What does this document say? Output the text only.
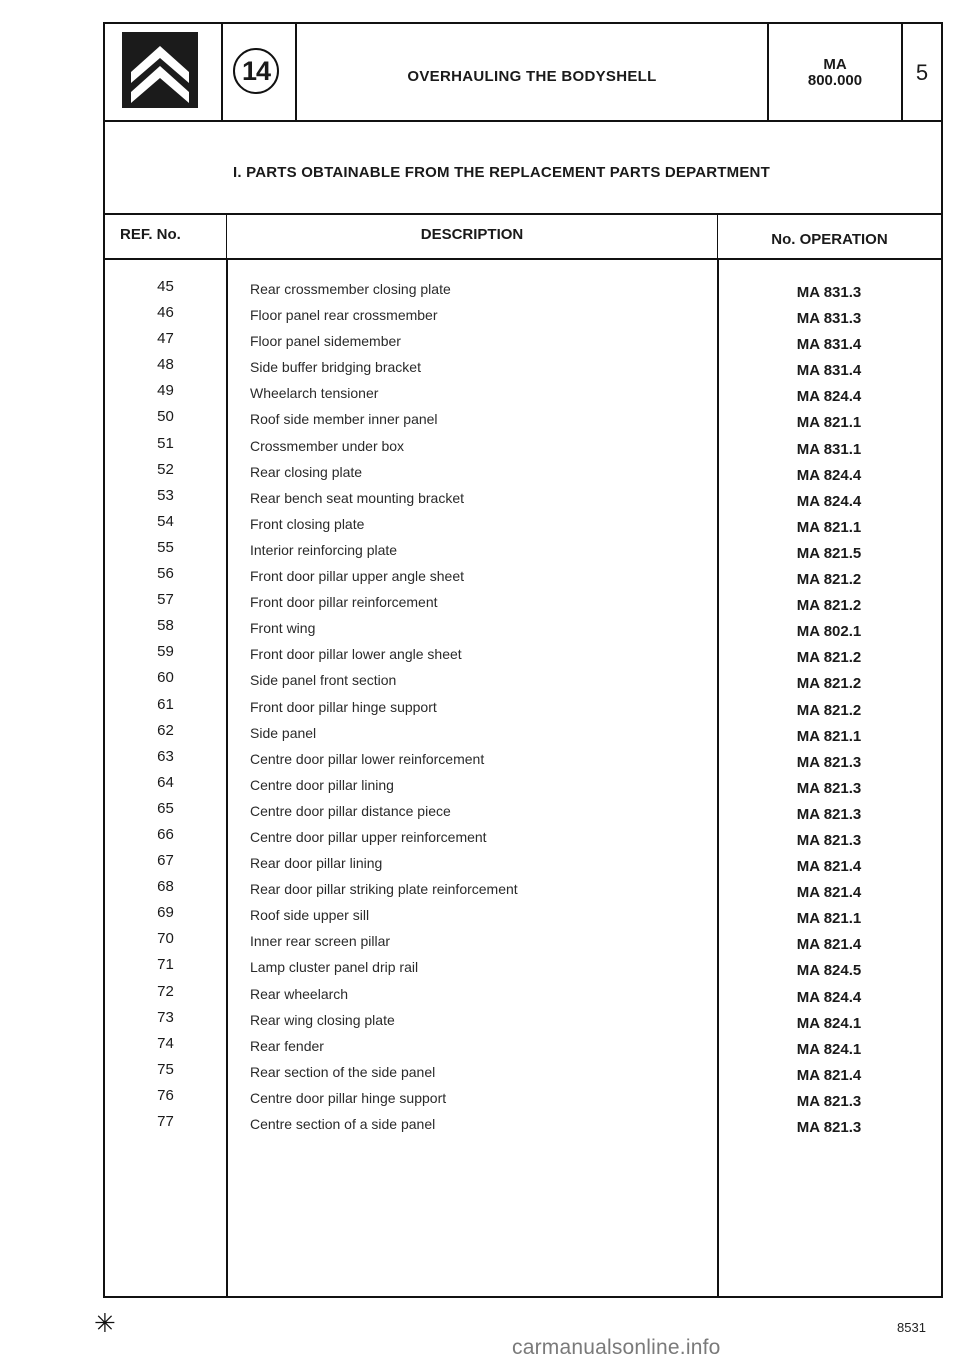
14	OVERHAULING THE BODYSHELL
MA
800.000	5
I. PARTS OBTAINABLE FROM THE REPLACEMENT PARTS DEPARTMENT
REF. No.	DESCRIPTION	No. OPERATION
45	Rear crossmember closing plate	MA 831.3
46	Floor panel rear crossmember	MA 831.3
47	Floor panel sidemember	MA 831.4
48	Side buffer bridging bracket	MA 831.4
49	Wheelarch tensioner	MA 824.4
50	Roof side member inner panel	MA 821.1
51	Crossmember under box	MA 831.1
52	Rear closing plate	MA 824.4
53	Rear bench seat mounting bracket	MA 824.4
54	Front closing plate	MA 821.1
55	Interior reinforcing plate	MA 821.5
56	Front door pillar upper angle sheet	MA 821.2
57	Front door pillar reinforcement	MA 821.2
58	Front wing	MA 802.1
59	Front door pillar lower angle sheet	MA 821.2
60	Side panel front section	MA 821.2
61	Front door pillar hinge support	MA 821.2
62	Side panel	MA 821.1
63	Centre door pillar lower reinforcement	MA 821.3
64	Centre door pillar lining	MA 821.3
65	Centre door pillar distance piece	MA 821.3
66	Centre door pillar upper reinforcement	MA 821.3
67	Rear door pillar lining	MA 821.4
68	Rear door pillar striking plate reinforcement	MA 821.4
69	Roof side upper sill	MA 821.1
70	Inner rear screen pillar	MA 821.4
71	Lamp cluster panel drip rail	MA 824.5
72	Rear wheelarch	MA 824.4
73	Rear wing closing plate	MA 824.1
74	Rear fender	MA 824.1
75	Rear section of the side panel	MA 821.4
76	Centre door pillar hinge support	MA 821.3
77	Centre section of a side panel	MA 821.3
✳	8531
carmanualsonline.info
